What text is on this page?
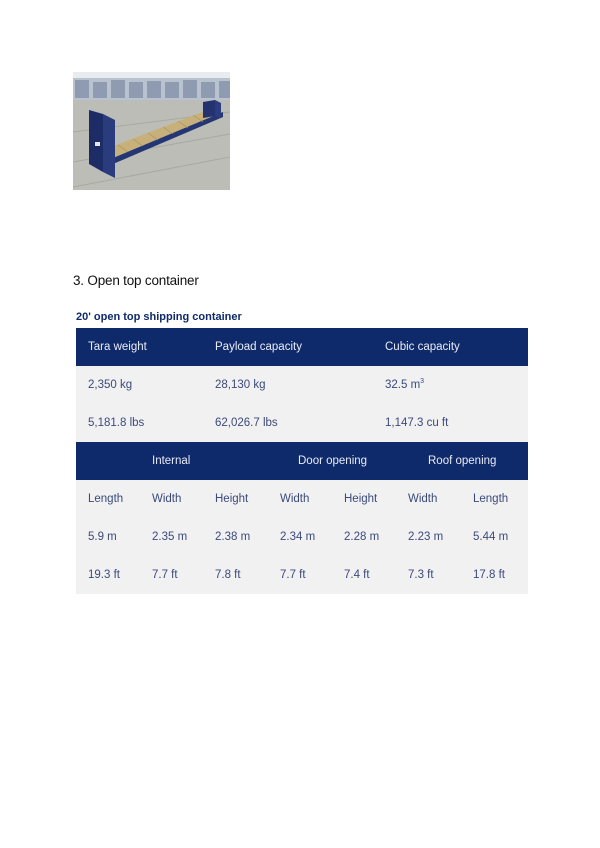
3. Open top container
20' open top shipping container
Tara weight	Payload capacity	Cubic capacity
2,350 kg	28,130 kg	32.5 $m^3$
5,181.8 lbs	62,026.7 lbs	1,147.3 cu ft
Internal	Door opening	Roof opening
Length	Width	Height	Width	Height	Width	Length
5.9 m	2.35 m 2.38 m	2.34 m	2.28 m	2.23 m	5.44 m
19.3 ft	7.7 ft	7.8 ft	7.7 ft	7.4 ft	7.3 ft	17.8 ft
